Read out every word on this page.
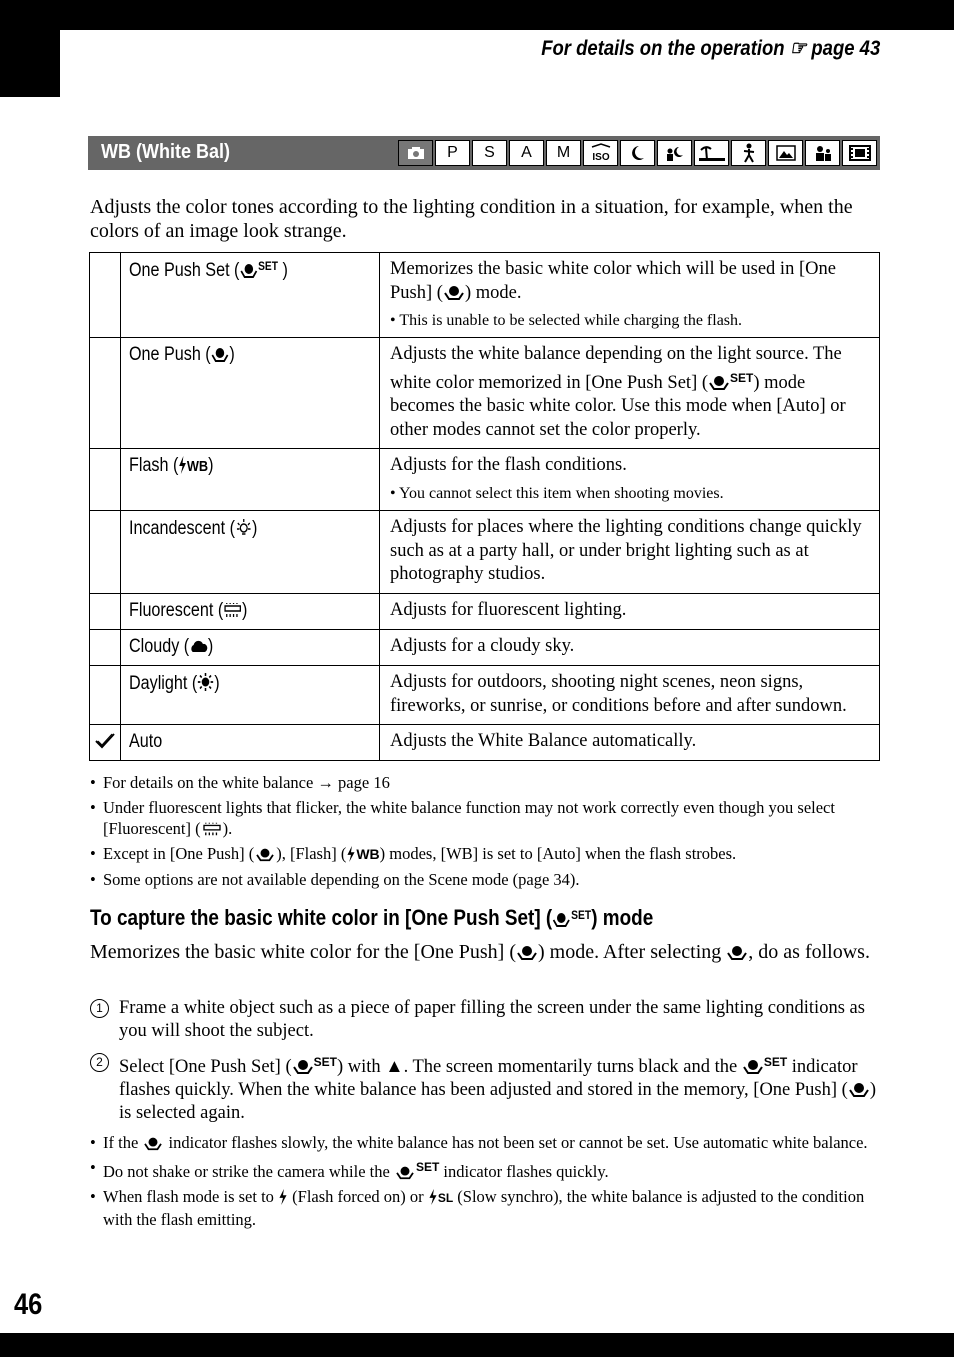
For details on the operation ☞ page 43
WB (White Bal)	P	S	A	M	ISO
Adjusts the color tones according to the lighting condition in a situation, for example, when the colors of an image look strange.
	One Push Set ( $^{SET}$ )	Memorizes the basic white color which will be used in [One Push] ( ) mode.
• This is unable to be selected while charging the flash.

	One Push ( )	Adjusts the white balance depending on the light source. The white color memorized in [One Push Set] ( $^{SET}$) mode becomes the basic white color. Use this mode when [Auto] or other modes cannot set the color properly.
	Flash ( WB)	Adjusts for the flash conditions.
• You cannot select this item when shooting movies.

	Incandescent ( )	Adjusts for places where the lighting conditions change quickly such as at a party hall, or under bright lighting such as at photography studios.
	Fluorescent ( )	Adjusts for fluorescent lighting.
	Cloudy ( )	Adjusts for a cloudy sky.
	Daylight ( )	Adjusts for outdoors, shooting night scenes, neon signs, fireworks, or sunrise, or conditions before and after sundown.
	Auto	Adjusts the White Balance automatically.
• For details on the white balance → page 16
• Under fluorescent lights that flicker, the white balance function may not work correctly even though you select [Fluorescent] ( ).
• Except in [One Push] ( ), [Flash] ( WB) modes, [WB] is set to [Auto] when the flash strobes.
• Some options are not available depending on the Scene mode (page 34).
To capture the basic white color in [One Push Set] ( $^{SET}$) mode
Memorizes the basic white color for the [One Push] ( ) mode. After selecting , do as follows.
1 Frame a white object such as a piece of paper filling the screen under the same lighting conditions as you will shoot the subject.
2 Select [One Push Set] ( $^{SET}$) with ▲. The screen momentarily turns black and the $^{SET}$ indicator flashes quickly. When the white balance has been adjusted and stored in the memory, [One Push] ( ) is selected again.
• If the indicator flashes slowly, the white balance has not been set or cannot be set. Use automatic white balance.
• Do not shake or strike the camera while the $^{SET}$ indicator flashes quickly.
• When flash mode is set to (Flash forced on) or SL (Slow synchro), the white balance is adjusted to the condition with the flash emitting.
46
